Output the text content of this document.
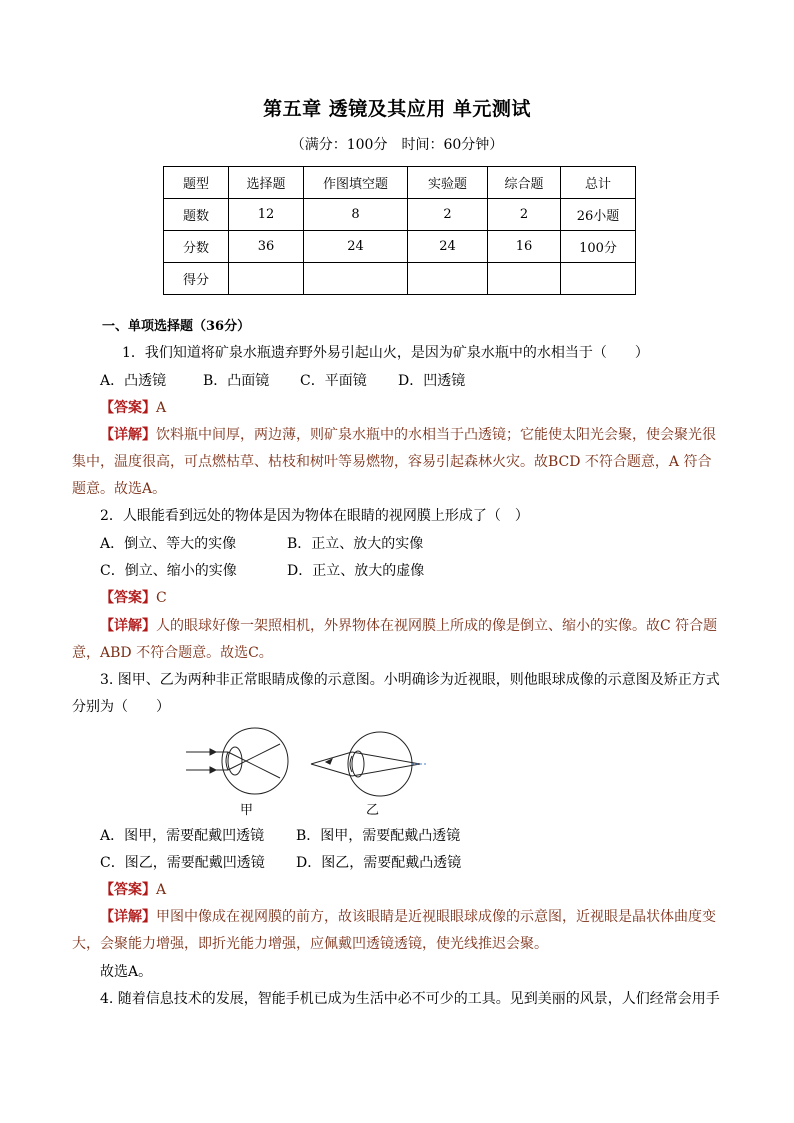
第五章 透镜及其应用 单元测试
（满分：100分　时间：60分钟）
题型	选择题	作图填空题	实验题	综合题	总计
题数	12	8	2	2	26小题
分数	36	24	24	16	100分
得分					
一、单项选择题（36分）
1．我们知道将矿泉水瓶遗弃野外易引起山火，是因为矿泉水瓶中的水相当于（　　）
A．凸透镜	B．凸面镜 C．平面镜 D．凹透镜
【答案】A
【详解】饮料瓶中间厚，两边薄，则矿泉水瓶中的水相当于凸透镜；它能使太阳光会聚，使会聚光很
集中，温度很高，可点燃枯草、枯枝和树叶等易燃物，容易引起森林火灾。故BCD 不符合题意，A 符合
题意。故选A。
2．人眼能看到远处的物体是因为物体在眼睛的视网膜上形成了（　）
A．倒立、等大的实像	B．正立、放大的实像
C．倒立、缩小的实像	D．正立、放大的虚像
【答案】C
【详解】人的眼球好像一架照相机，外界物体在视网膜上所成的像是倒立、缩小的实像。故C 符合题
意，ABD 不符合题意。故选C。
3. 图甲、乙为两种非正常眼睛成像的示意图。小明确诊为近视眼，则他眼球成像的示意图及矫正方式
分别为（　　）
甲	乙
A．图甲，需要配戴凹透镜 B．图甲，需要配戴凸透镜
C．图乙，需要配戴凹透镜 D．图乙，需要配戴凸透镜
【答案】A
【详解】甲图中像成在视网膜的前方，故该眼睛是近视眼眼球成像的示意图，近视眼是晶状体曲度变
大，会聚能力增强，即折光能力增强，应佩戴凹透镜透镜，使光线推迟会聚。
故选A。
4. 随着信息技术的发展，智能手机已成为生活中必不可少的工具。见到美丽的风景，人们经常会用手
